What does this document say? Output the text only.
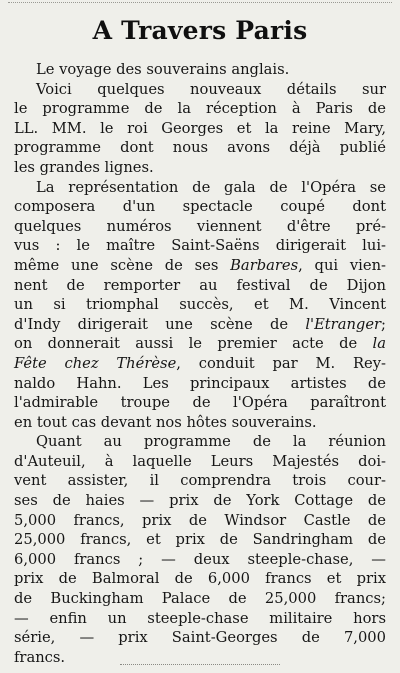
A Travers Paris

Le voyage des souverains anglais.

Voici quelques nouveaux détails sur
le programme de la réception à Paris de
LL. MM. le roi Georges et la reine Mary,
programme dont nous avons déjà publié
les grandes lignes.

La représentation de gala de l'Opéra se
composera d'un spectacle coupé dont
quelques numéros viennent d'être pré-
vus : le maître Saint-Saëns dirigerait lui-
même une scène de ses Barbares, qui vien-
nent de remporter au festival de Dijon
un si triomphal succès, et M. Vincent
d'Indy dirigerait une scène de l'Etranger;
on donnerait aussi le premier acte de la
Fête chez Thérèse, conduit par M. Rey-
naldo Hahn. Les principaux artistes de
l'admirable troupe de l'Opéra paraîtront
en tout cas devant nos hôtes souverains.

Quant au programme de la réunion
d'Auteuil, à laquelle Leurs Majestés doi-
vent assister, il comprendra trois cour-
ses de haies — prix de York Cottage de
5,000 francs, prix de Windsor Castle de
25,000 francs, et prix de Sandringham de
6,000 francs ; — deux steeple-chase, —
prix de Balmoral de 6,000 francs et prix
de Buckingham Palace de 25,000 francs;
— enfin un steeple-chase militaire hors
série, — prix Saint-Georges de 7,000
francs.
